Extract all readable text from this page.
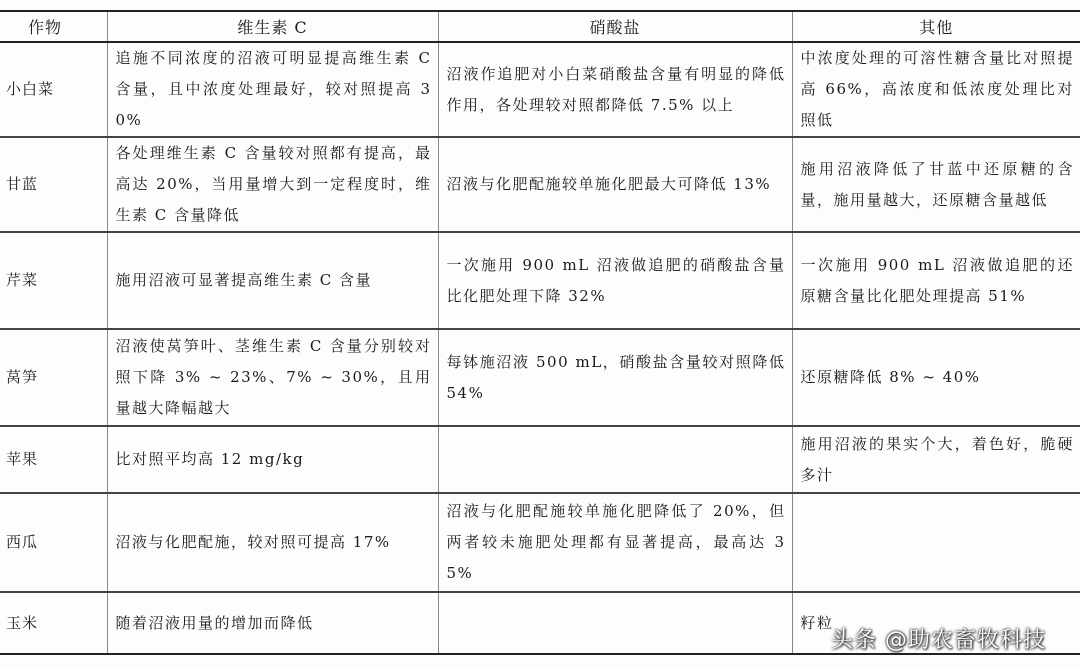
作物	维生素 C	硝酸盐	其他
小白菜	追施不同浓度的沼液可明显提高维生素 C 含量，且中浓度处理最好，较对照提高 30%	沼液作追肥对小白菜硝酸盐含量有明显的降低作用，各处理较对照都降低 7.5% 以上	中浓度处理的可溶性糖含量比对照提高 66%，高浓度和低浓度处理比对照低
甘蓝	各处理维生素 C 含量较对照都有提高，最高达 20%，当用量增大到一定程度时，维生素 C 含量降低	沼液与化肥配施较单施化肥最大可降低 13%	施用沼液降低了甘蓝中还原糖的含量，施用量越大，还原糖含量越低
芹菜	施用沼液可显著提高维生素 C 含量	一次施用 900 mL 沼液做追肥的硝酸盐含量比化肥处理下降 32%	一次施用 900 mL 沼液做追肥的还原糖含量比化肥处理提高 51%
莴笋	沼液使莴笋叶、茎维生素 C 含量分别较对照下降 3% ~ 23%、7% ~ 30%，且用量越大降幅越大	每钵施沼液 500 mL，硝酸盐含量较对照降低 54%	还原糖降低 8% ~ 40%
苹果	比对照平均高 12 mg/kg		施用沼液的果实个大，着色好，脆硬多汁
西瓜	沼液与化肥配施，较对照可提高 17%	沼液与化肥配施较单施化肥降低了 20%，但两者较未施肥处理都有显著提高，最高达 35%	
玉米	随着沼液用量的增加而降低		籽粒
头条 @助农畜牧科技
